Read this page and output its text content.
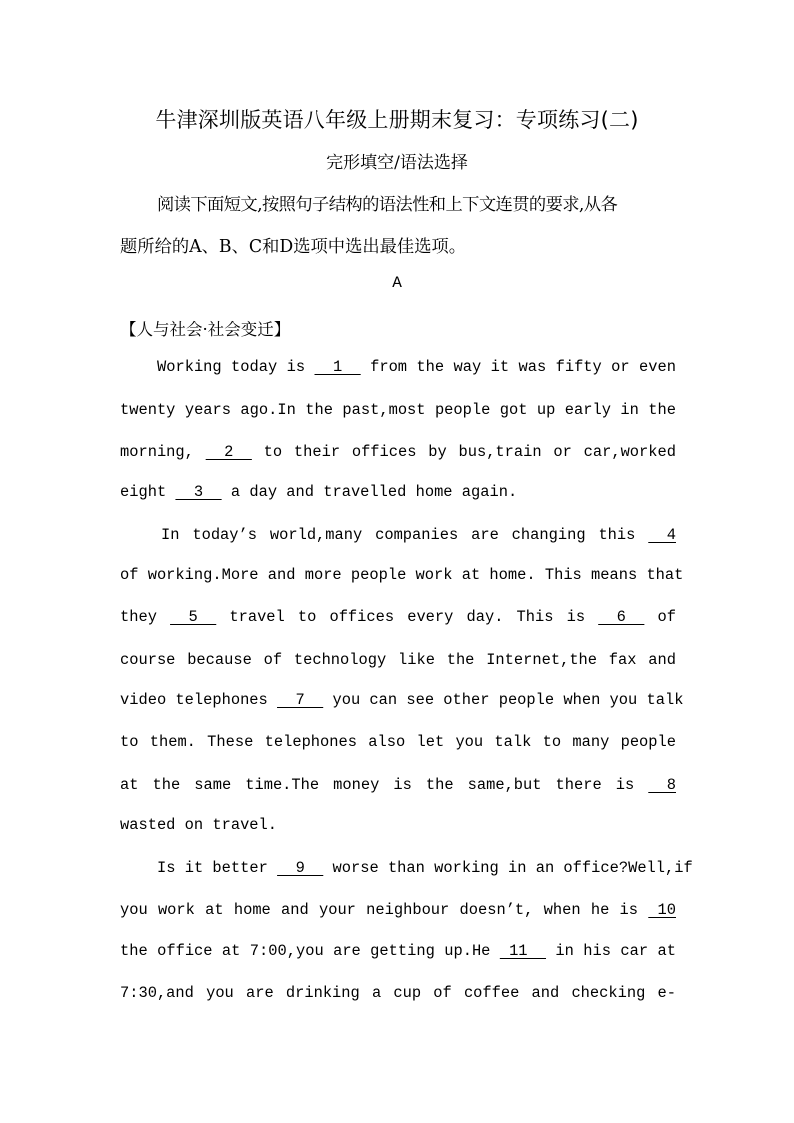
牛津深圳版英语八年级上册期末复习：专项练习(二)
完形填空/语法选择
阅读下面短文,按照句子结构的语法性和上下文连贯的要求,从各
题所给的A、B、C和D选项中选出最佳选项。
A
【人与社会·社会变迁】
Working today is   1   from the way it was fifty or even
twenty years ago.In the past,most people got up early in the
morning,   2   to their offices by bus,train or car,worked
eight   3   a day and travelled home again.
In today’s world,many companies are changing this   4
of working.More and more people work at home. This means that
they   5   travel to offices every day. This is   6   of
course because of technology like the Internet,the fax and
video telephones   7   you can see other people when you talk
to them. These telephones also let you talk to many people
at the same time.The money is the same,but there is   8
wasted on travel.
Is it better   9   worse than working in an office?Well,if
you work at home and your neighbour doesn’t, when he is  10
the office at 7:00,you are getting up.He  11   in his car at
7:30,and you are drinking a cup of coffee and checking e-
